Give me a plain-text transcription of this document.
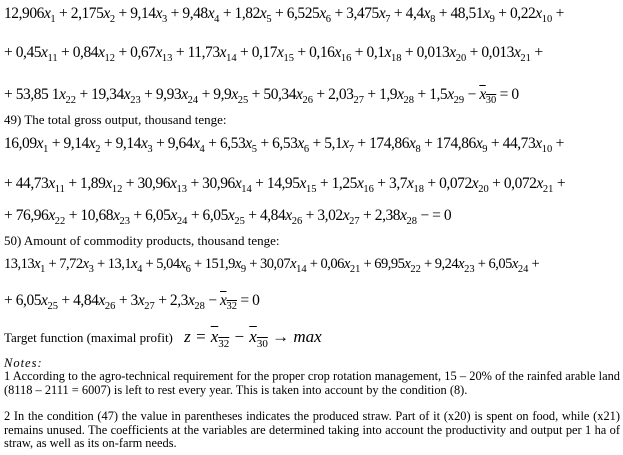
$12,906x_1 + 2,175x_2 + 9,14x_3 + 9,48x_4 + 1,82x_5 + 6,525x_6 + 3,475x_7 + 4,4x_8 + 48,51x_9 + 0,22x_{10}$ +
+ $0,45x_{11} + 0,84x_{12} + 0,67x_{13} + 11,73x_{14} + 0,17x_{15} + 0,16x_{16} + 0,1x_{18} + 0,013x_{20} + 0,013x_{21}$ +
+ 53,85 $1x_{22} + 19,34x_{23} + 9,93x_{24} + 9,9x_{25} + 50,34x_{26} + 2,03_{27} + 1,9x_{28} + 1,5x_{29} - x_{30} = 0$
49) The total gross output, thousand tenge:
$16,09x_1 + 9,14x_2 + 9,14x_3 + 9,64x_4 + 6,53x_5 + 6,53x_6 + 5,1x_7 + 174,86x_8 + 174,86x_9 + 44,73x_{10}$ +
+ $44,73x_{11} + 1,89x_{12} + 30,96x_{13} + 30,96x_{14} + 14,95x_{15} + 1,25x_{16} + 3,7x_{18} + 0,072x_{20} + 0,072x_{21}$ +
+ $76,96x_{22} + 10,68x_{23} + 6,05x_{24} + 6,05x_{25} + 4,84x_{26} + 3,02x_{27} + 2,38x_{28}$ − = 0
50) Amount of commodity products, thousand tenge:
$13,13x_1 + 7,72x_3 + 13,1x_4 + 5,04x_6 + 151,9x_9 + 30,07x_{14} + 0,06x_{21} + 69,95x_{22} + 9,24x_{23} + 6,05x_{24}$ +
+ $6,05x_{25} + 4,84x_{26} + 3x_{27} + 2,3x_{28} - x_{32} = 0$
Target function (maximal profit) $z = x_{32} - x_{30} \to \max$
Notes:
1 According to the agro-technical requirement for the proper crop rotation management, 15 – 20% of the rainfed arable land (8118 – 2111 = 6007) is left to rest every year. This is taken into account by the condition (8).
2 In the condition (47) the value in parentheses indicates the produced straw. Part of it (x20) is spent on food, while (x21) remains unused. The coefficients at the variables are determined taking into account the productivity and output per 1 ha of straw, as well as its on-farm needs.
